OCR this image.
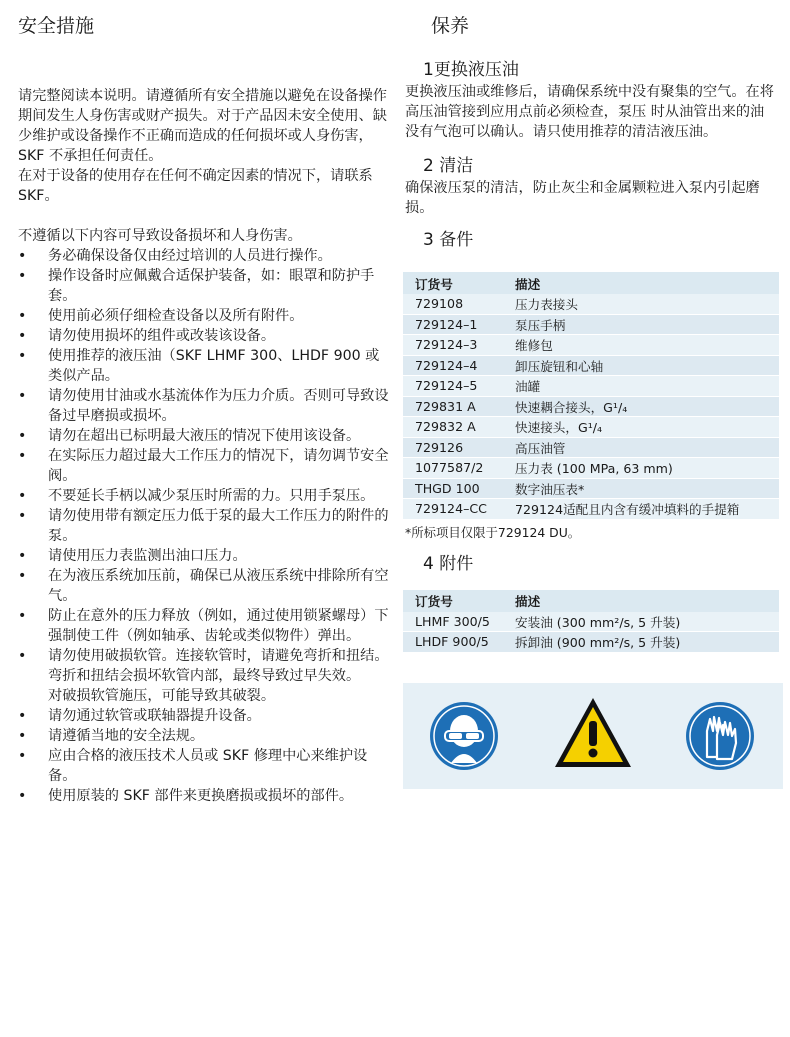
安全措施

请完整阅读本说明。请遵循所有安全措施以避免在设备操作期间发生人身伤害或财产损失。对于产品因未安全使用、缺少维护或设备操作不正确而造成的任何损坏或人身伤害，SKF 不承担任何责任。

在对于设备的使用存在任何不确定因素的情况下，请联系 SKF。

不遵循以下内容可导致设备损坏和人身伤害。

• 务必确保设备仅由经过培训的人员进行操作。
• 操作设备时应佩戴合适保护装备，如：眼罩和防护手套。
• 使用前必须仔细检查设备以及所有附件。
• 请勿使用损坏的组件或改装该设备。
• 使用推荐的液压油（SKF LHMF 300、LHDF 900 或类似产品。
• 请勿使用甘油或水基流体作为压力介质。否则可导致设备过早磨损或损坏。
• 请勿在超出已标明最大液压的情况下使用该设备。
• 在实际压力超过最大工作压力的情况下，请勿调节安全阀。
• 不要延长手柄以减少泵压时所需的力。只用手泵压。
• 请勿使用带有额定压力低于泵的最大工作压力的附件的泵。
• 请使用压力表监测出油口压力。
• 在为液压系统加压前，确保已从液压系统中排除所有空气。
• 防止在意外的压力释放（例如，通过使用锁紧螺母）下强制使工件（例如轴承、齿轮或类似物件）弹出。
• 请勿使用破损软管。连接软管时，请避免弯折和扭结。
弯折和扭结会损坏软管内部，最终导致过早失效。
对破损软管施压，可能导致其破裂。
• 请勿通过软管或联轴器提升设备。
• 请遵循当地的安全法规。
• 应由合格的液压技术人员或 SKF 修理中心来维护设备。
• 使用原装的 SKF 部件来更换磨损或损坏的部件。
保养
1更换液压油

更换液压油或维修后，请确保系统中没有聚集的空气。在将高压油管接到应用点前必须检查，泵压 时从油管出来的油没有气泡可以确认。请只使用推荐的清洁液压油。

2 清洁

确保液压泵的清洁，防止灰尘和金属颗粒进入泵内引起磨损。

3 备件
订货号	描述
729108	压力表接头
729124–1	泵压手柄
729124–3	维修包
729124–4	卸压旋钮和心轴
729124–5	油罐
729831 A	快速耦合接头，G¹/₄
729832 A	快速接头，G¹/₄
729126	高压油管
1077587/2	压力表 (100 MPa, 63 mm)
THGD 100	数字油压表*
729124–CC	729124适配且内含有缓冲填料的手提箱
*所标项目仅限于729124 DU。
4 附件
订货号	描述
LHMF 300/5	安装油 (300 mm²/s, 5 升装)
LHDF 900/5	拆卸油 (900 mm²/s, 5 升装)
